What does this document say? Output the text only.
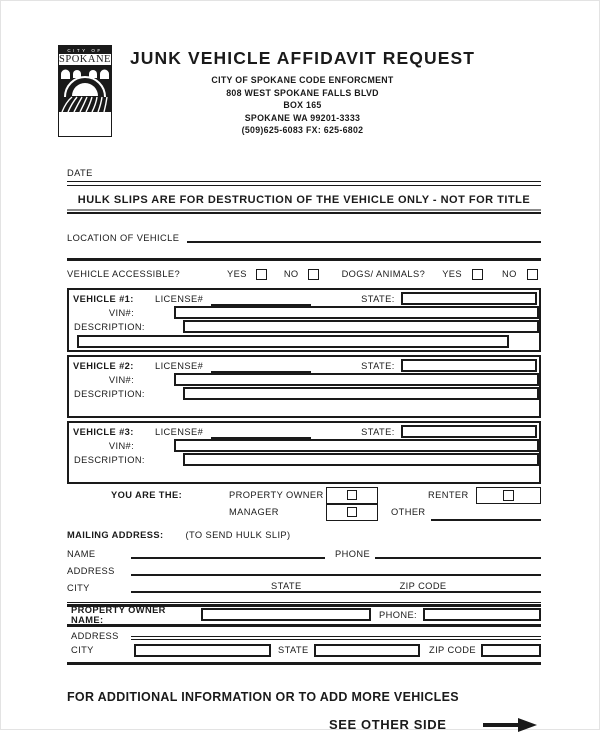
CITY OF
SPOKANE	JUNK VEHICLE AFFIDAVIT REQUEST
CITY OF SPOKANE CODE ENFORCMENT
808 WEST SPOKANE FALLS BLVD
BOX 165
SPOKANE WA 99201-3333
(509)625-6083 FX: 625-6802
DATE
HULK SLIPS ARE FOR DESTRUCTION OF THE VEHICLE ONLY - NOT FOR TITLE
LOCATION OF VEHICLE
VEHICLE ACCESSIBLE?	YES	NO	DOGS/ ANIMALS? YES	NO
VEHICLE #1:	LICENSE#	STATE:
VIN#:
DESCRIPTION:
VEHICLE #2:	LICENSE#	STATE:
VIN#:
DESCRIPTION:
VEHICLE #3:	LICENSE#	STATE:
VIN#:
DESCRIPTION:
YOU ARE THE:	PROPERTY OWNER	RENTER
MANAGER	OTHER
MAILING ADDRESS: (TO SEND HULK SLIP)
NAME	PHONE
ADDRESS
CITY	STATE	ZIP CODE
PROPERTY OWNER NAME:	PHONE:
ADDRESS
CITY	STATE	ZIP CODE
FOR ADDITIONAL INFORMATION OR TO ADD MORE VEHICLES
SEE OTHER SIDE
